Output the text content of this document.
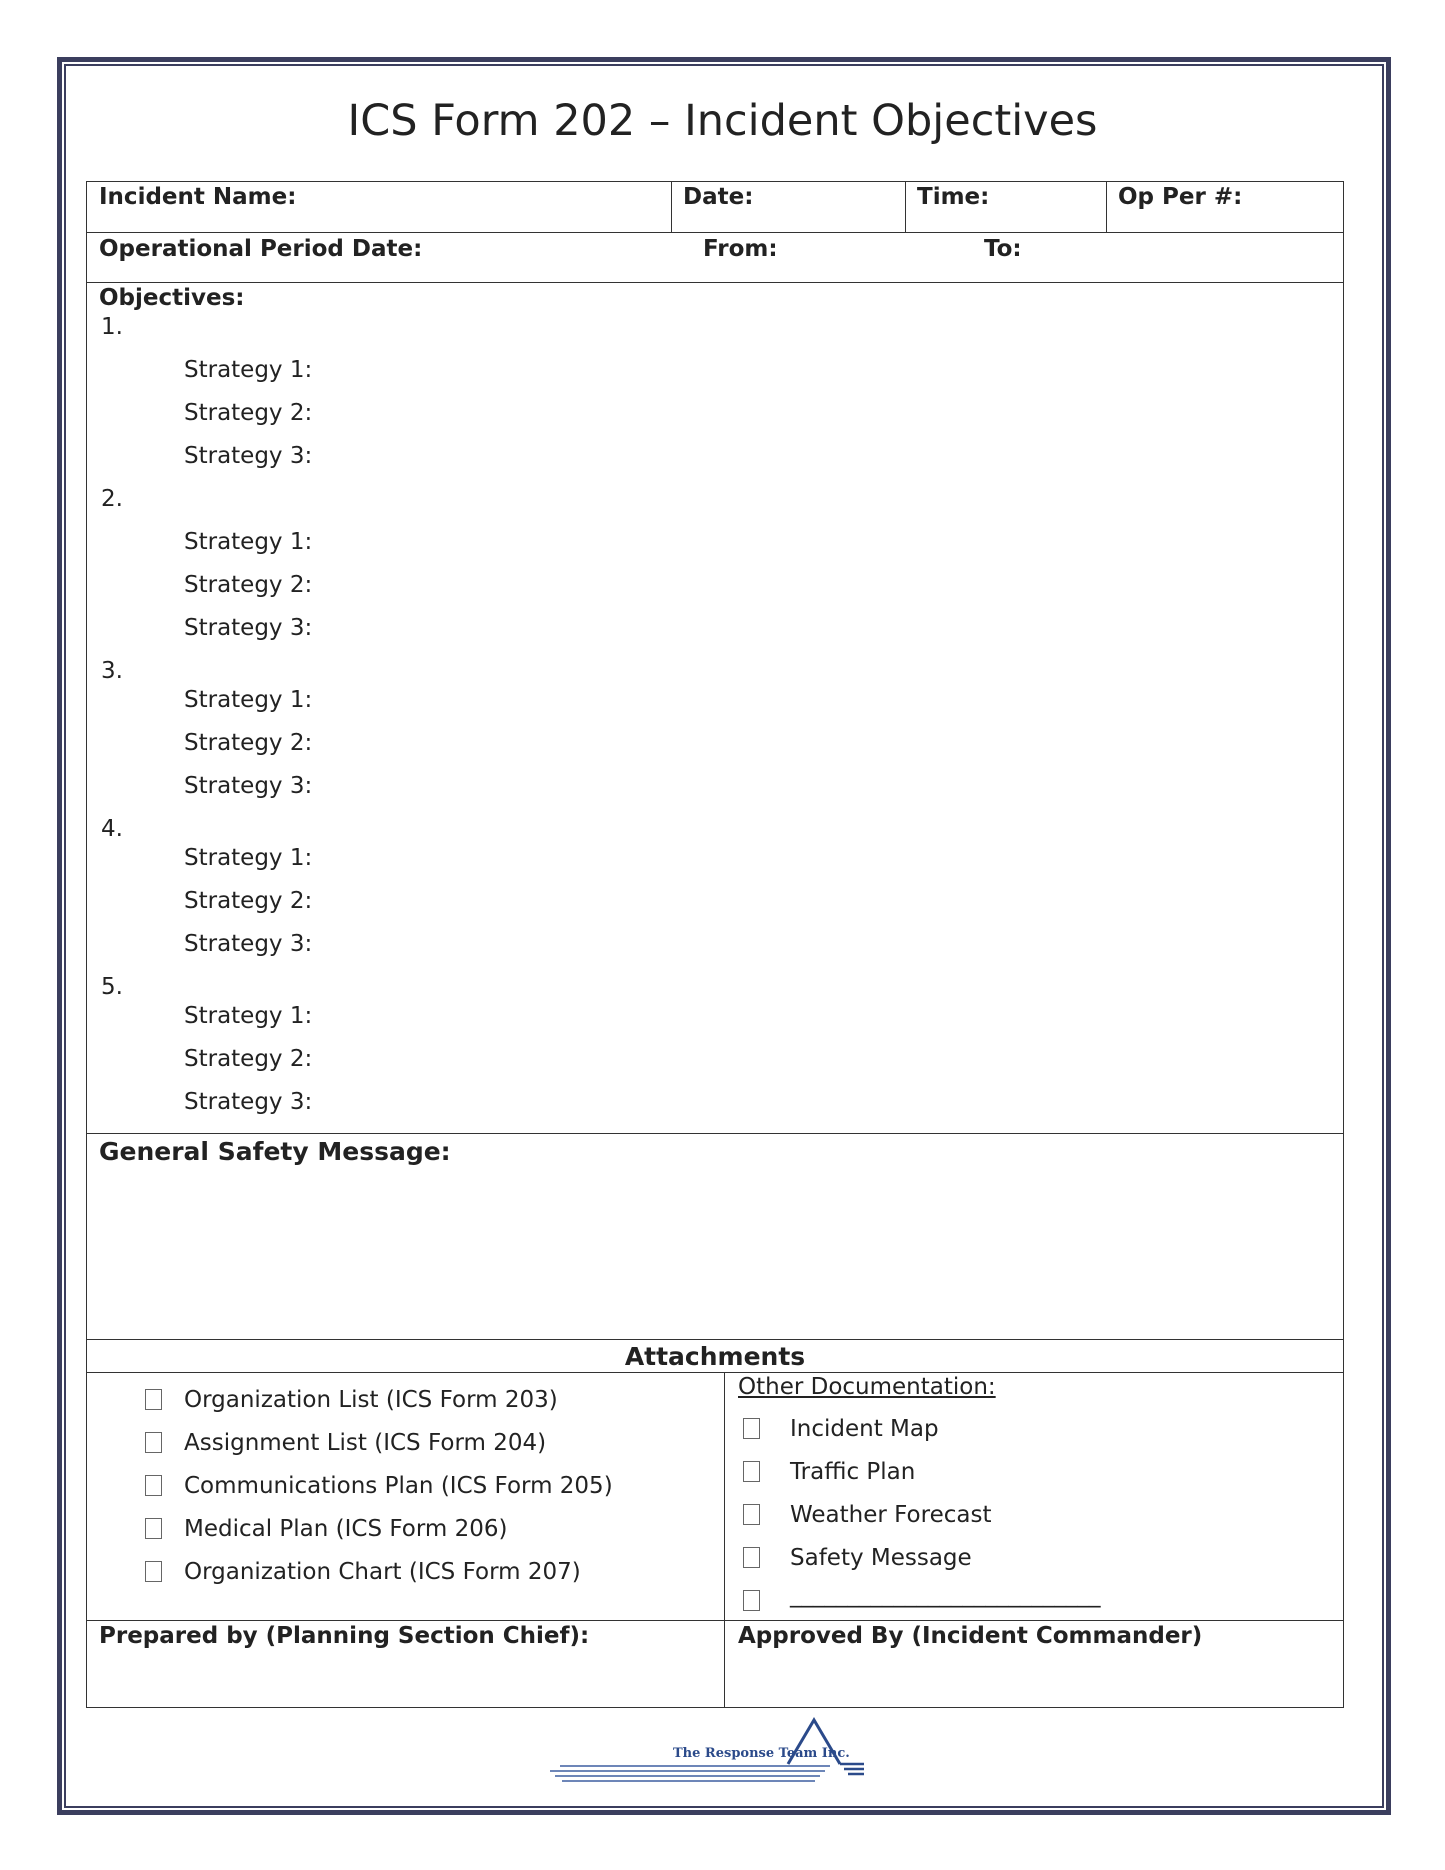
ICS Form 202 – Incident Objectives
Incident Name:	Date:	Time:	Op Per #:
Operational Period Date:	From:	To:
Objectives:
1.
Strategy 1:
Strategy 2:
Strategy 3:
2.
Strategy 1:
Strategy 2:
Strategy 3:
3.
Strategy 1:
Strategy 2:
Strategy 3:
4.
Strategy 1:
Strategy 2:
Strategy 3:
5.
Strategy 1:
Strategy 2:
Strategy 3:
General Safety Message:
Attachments
Organization List (ICS Form 203)
Assignment List (ICS Form 204)
Communications Plan (ICS Form 205)
Medical Plan (ICS Form 206)
Organization Chart (ICS Form 207)
Other Documentation:
Incident Map
Traffic Plan
Weather Forecast
Safety Message
___________________________
Prepared by (Planning Section Chief):	Approved By (Incident Commander)
The Response Team Inc.
